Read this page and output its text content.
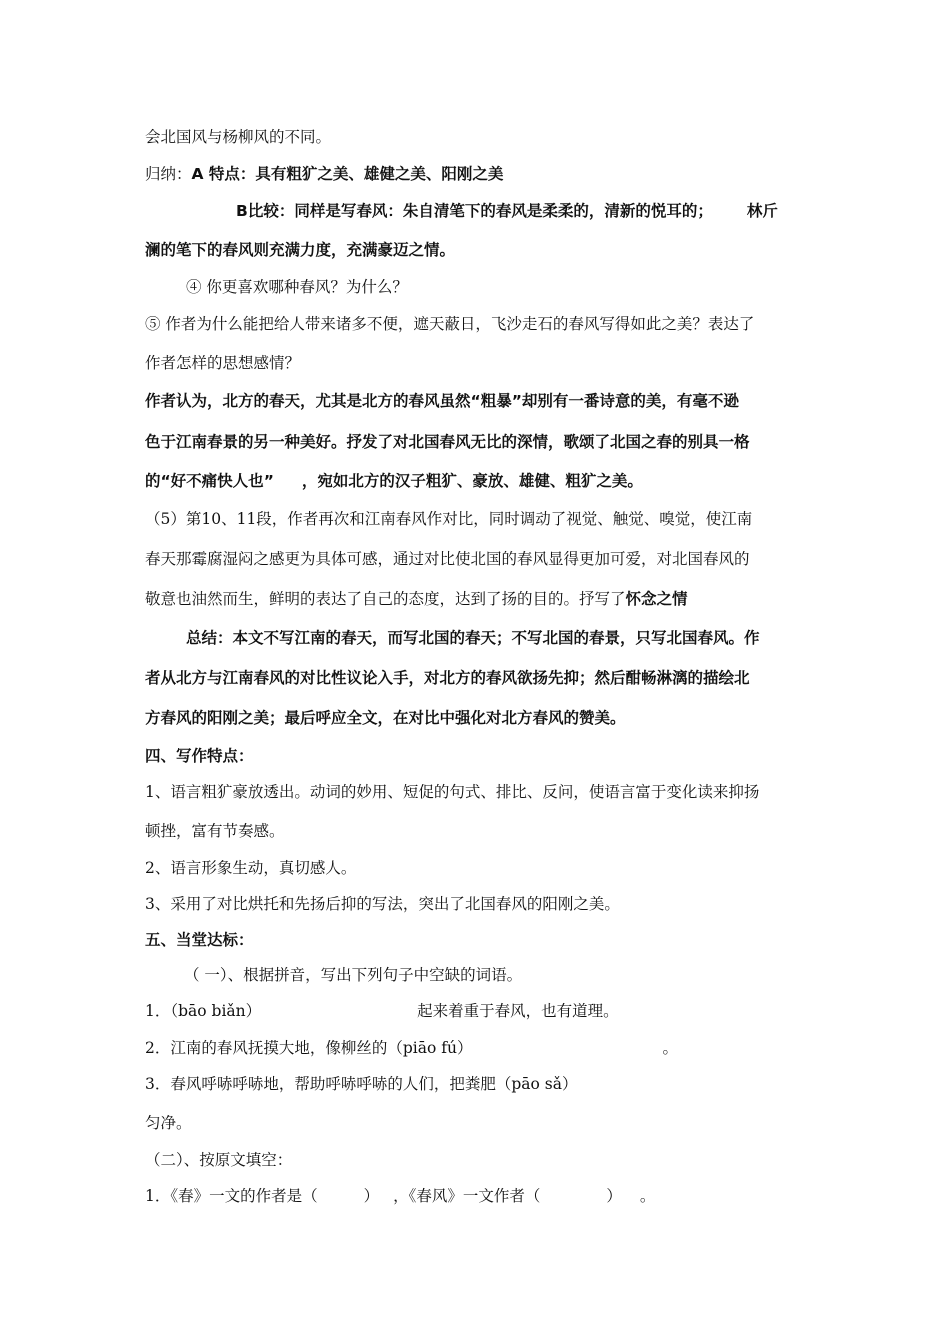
会北国风与杨柳风的不同。
归纳：A 特点：具有粗犷之美、雄健之美、阳刚之美
B比较：同样是写春风：朱自清笔下的春风是柔柔的，清新的悦耳的； 林斤
澜的笔下的春风则充满力度，充满豪迈之情。
④ 你更喜欢哪种春风？为什么？
⑤ 作者为什么能把给人带来诸多不便，遮天蔽日，飞沙走石的春风写得如此之美？表达了
作者怎样的思想感情？
作者认为，北方的春天，尤其是北方的春风虽然“粗暴”却别有一番诗意的美，有毫不逊
色于江南春景的另一种美好。抒发了对北国春风无比的深情，歌颂了北国之春的别具一格
的“好不痛快人也” ，宛如北方的汉子粗犷、豪放、雄健、粗犷之美。
（5）第10、11段，作者再次和江南春风作对比，同时调动了视觉、触觉、嗅觉，使江南
春天那霉腐湿闷之感更为具体可感，通过对比使北国的春风显得更加可爱，对北国春风的
敬意也油然而生，鲜明的表达了自己的态度，达到了扬的目的。抒写了怀念之情
总结：本文不写江南的春天，而写北国的春天；不写北国的春景，只写北国春风。作
者从北方与江南春风的对比性议论入手，对北方的春风欲扬先抑；然后酣畅淋漓的描绘北
方春风的阳刚之美；最后呼应全文，在对比中强化对北方春风的赞美。
四、写作特点：
1、语言粗犷豪放透出。动词的妙用、短促的句式、排比、反问，使语言富于变化读来抑扬
顿挫，富有节奏感。
2、语言形象生动，真切感人。
3、采用了对比烘托和先扬后抑的写法，突出了北国春风的阳刚之美。
五、当堂达标：
（ 一）、根据拼音，写出下列句子中空缺的词语。
1．（bāo biǎn）	起来着重于春风，也有道理。
2．江南的春风抚摸大地，像柳丝的（piāo fú）	。
3．春风呼哧呼哧地，帮助呼哧呼哧的人们，把粪肥（pāo sǎ）
匀净。
（二）、按原文填空：
1．《春》一文的作者是（	） ，《春风》一文作者（	） 。
